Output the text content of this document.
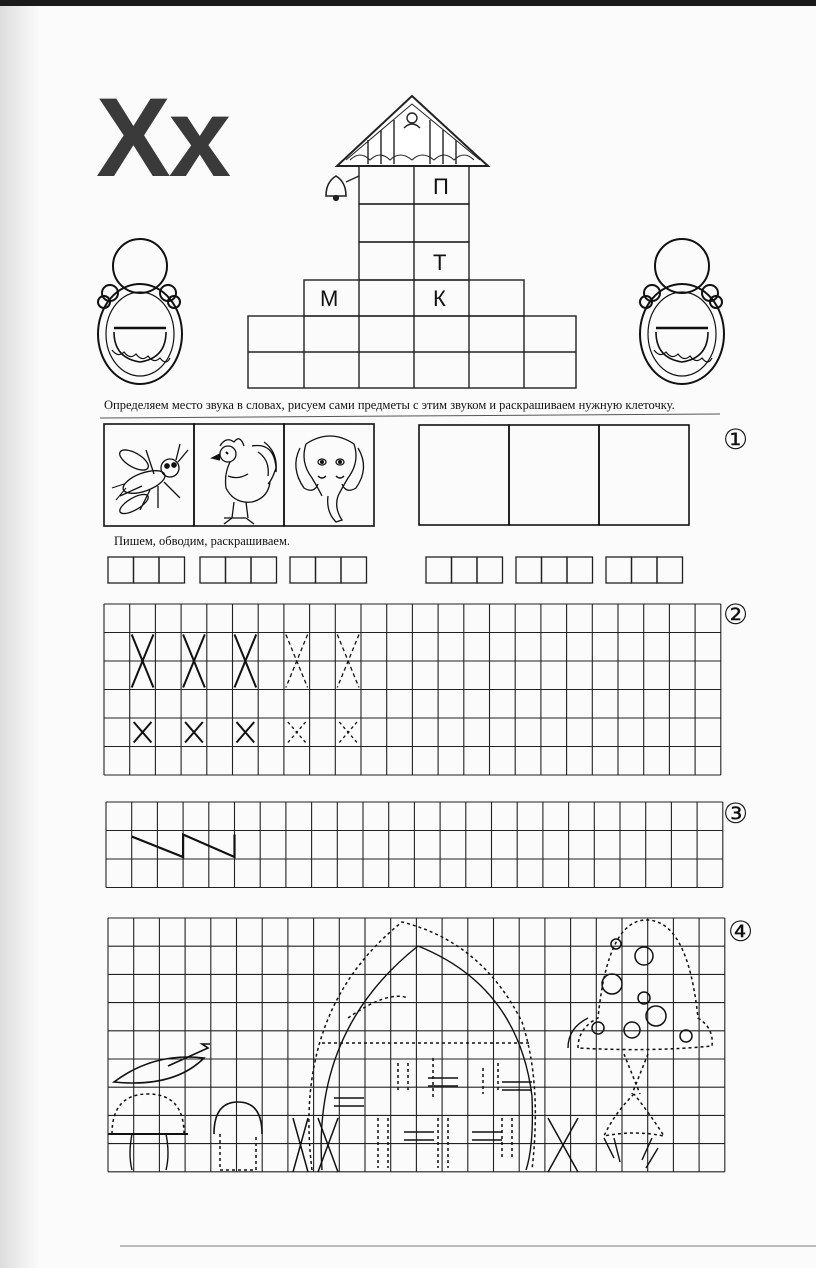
Хх	П
Т
М	К
Определяем место звука в словах, рисуем сами предметы с этим звуком и раскрашиваем нужную клеточку.
①
Пишем, обводим, раскрашиваем.
②
③
④
